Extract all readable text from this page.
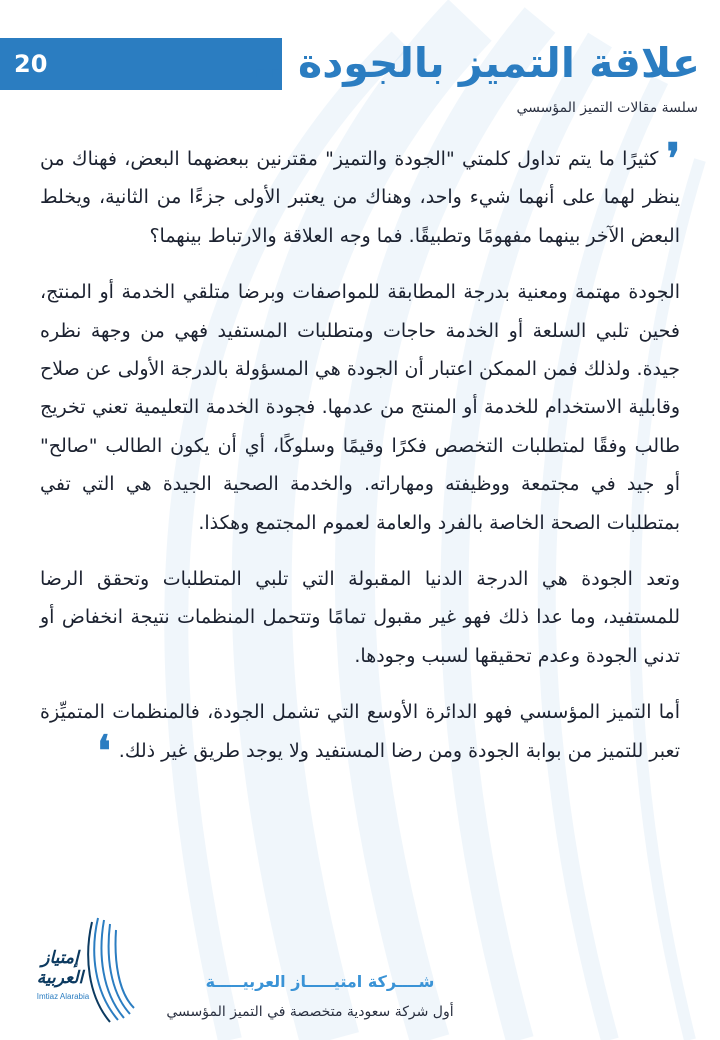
20	علاقة التميز بالجودة ..
سلسة مقالات التميز المؤسسي

❜كثيرًا ما يتم تداول كلمتي "الجودة والتميز" مقترنين ببعضهما البعض، فهناك من ينظر لهما على أنهما شيء واحد، وهناك من يعتبر الأولى جزءًا من الثانية، ويخلط البعض الآخر بينهما مفهومًا وتطبيقًا. فما وجه العلاقة والارتباط بينهما؟

الجودة مهتمة ومعنية بدرجة المطابقة للمواصفات وبرضا متلقي الخدمة أو المنتج، فحين تلبي السلعة أو الخدمة حاجات ومتطلبات المستفيد فهي من وجهة نظره جيدة. ولذلك فمن الممكن اعتبار أن الجودة هي المسؤولة بالدرجة الأولى عن صلاح وقابلية الاستخدام للخدمة أو المنتج من عدمها. فجودة الخدمة التعليمية تعني تخريج طالب وفقًا لمتطلبات التخصص فكرًا وقيمًا وسلوكًا، أي أن يكون الطالب "صالح" أو جيد في مجتمعة ووظيفته ومهاراته. والخدمة الصحية الجيدة هي التي تفي بمتطلبات الصحة الخاصة بالفرد والعامة لعموم المجتمع وهكذا.

وتعد الجودة هي الدرجة الدنيا المقبولة التي تلبي المتطلبات وتحقق الرضا للمستفيد، وما عدا ذلك فهو غير مقبول تمامًا وتتحمل المنظمات نتيجة انخفاض أو تدني الجودة وعدم تحقيقها لسبب وجودها.

أما التميز المؤسسي فهو الدائرة الأوسع التي تشمل الجودة، فالمنظمات المتميِّزة تعبر للتميز من بوابة الجودة ومن رضا المستفيد ولا يوجد طريق غير ذلك.❛

إمتياز
العربية
Imtiaz Alarabia
شــــركة امتيـــــاز العربيـــــة
أول شركة سعودية متخصصة في التميز المؤسسي
